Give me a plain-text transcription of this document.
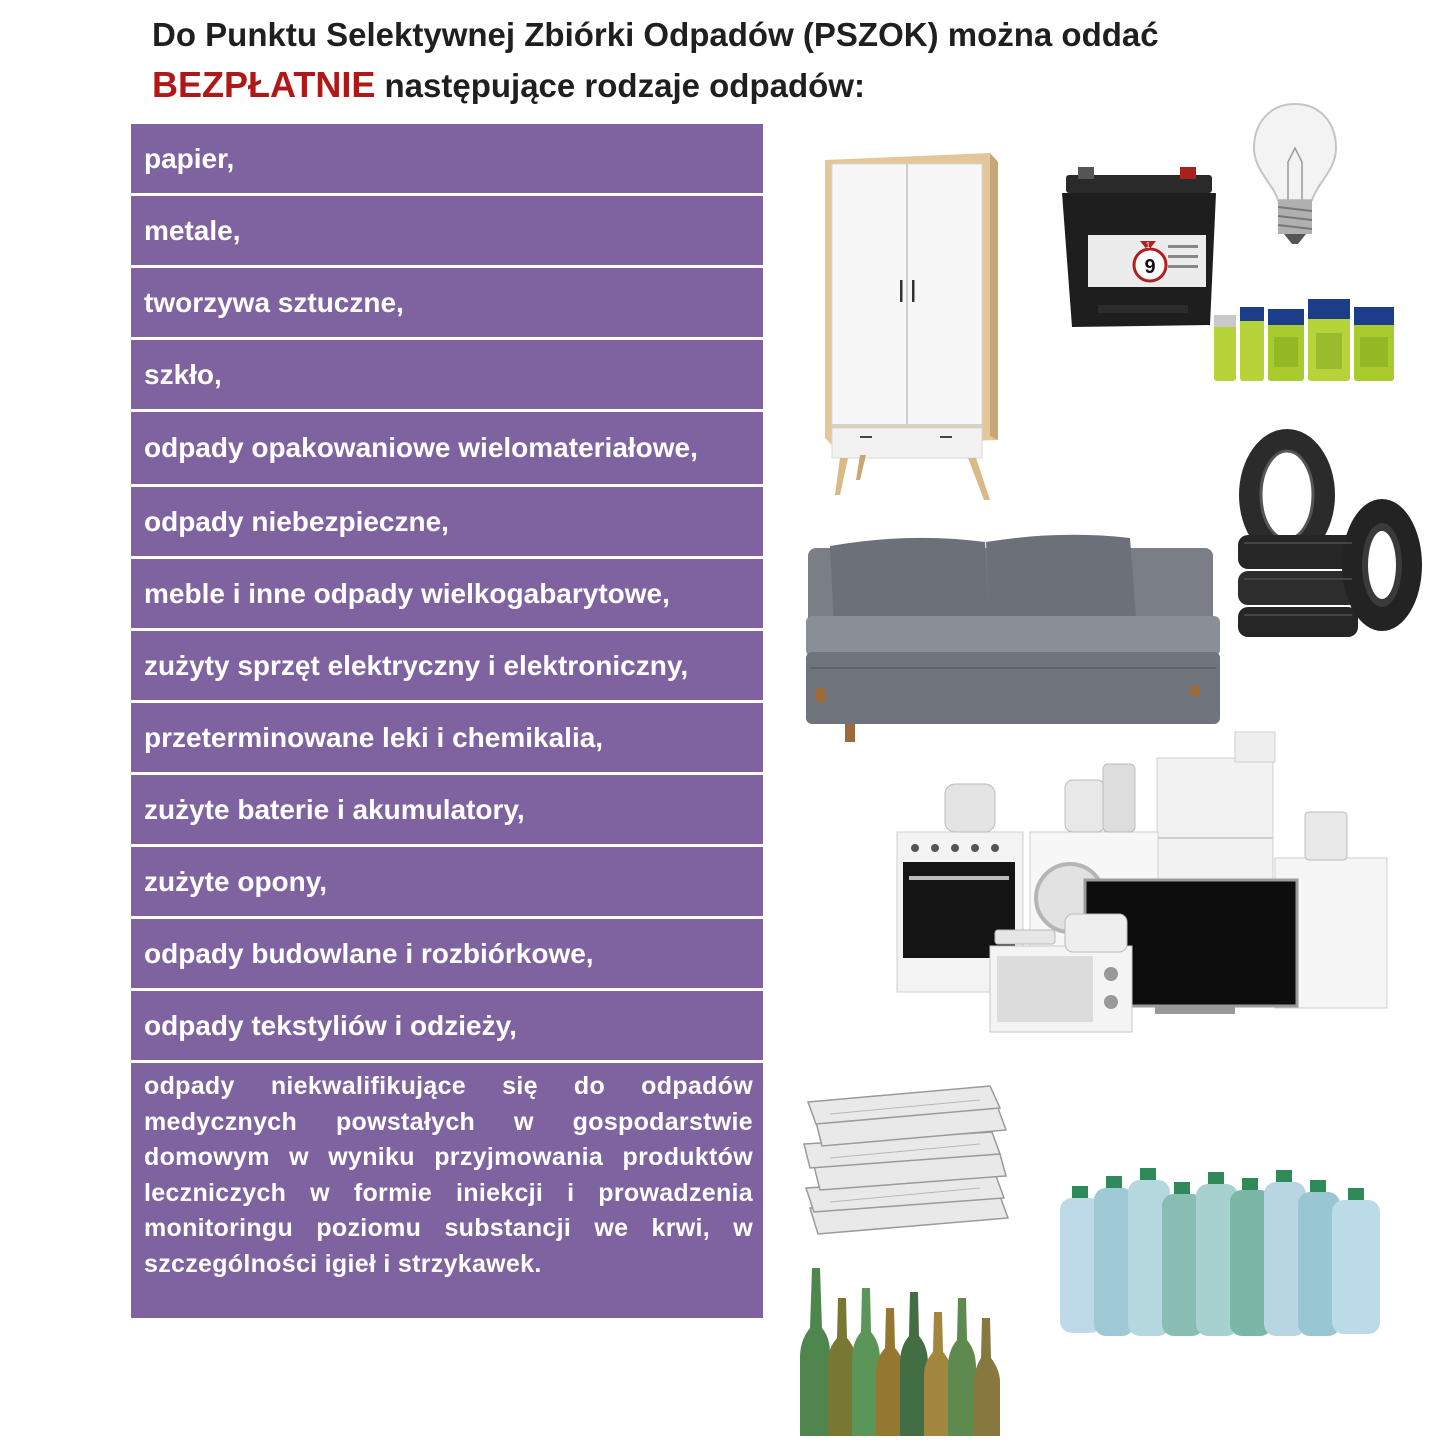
Do Punktu Selektywnej Zbiórki Odpadów (PSZOK) można oddać
BEZPŁATNIE następujące rodzaje odpadów:
papier,
metale,
tworzywa sztuczne,
szkło,
odpady opakowaniowe wielomateriałowe,
odpady niebezpieczne,
meble i inne odpady wielkogabarytowe,
zużyty sprzęt elektryczny i elektroniczny,
przeterminowane leki i chemikalia,
zużyte baterie i akumulatory,
zużyte opony,
odpady budowlane i rozbiórkowe,
odpady tekstyliów i odzieży,
odpady niekwalifikujące się do odpadów medycznych powstałych w gospodarstwie domowym w wyniku przyjmowania produktów leczniczych w formie iniekcji i prowadzenia monitoringu poziomu substancji we krwi, w szczególności igieł i strzykawek.
9
1
